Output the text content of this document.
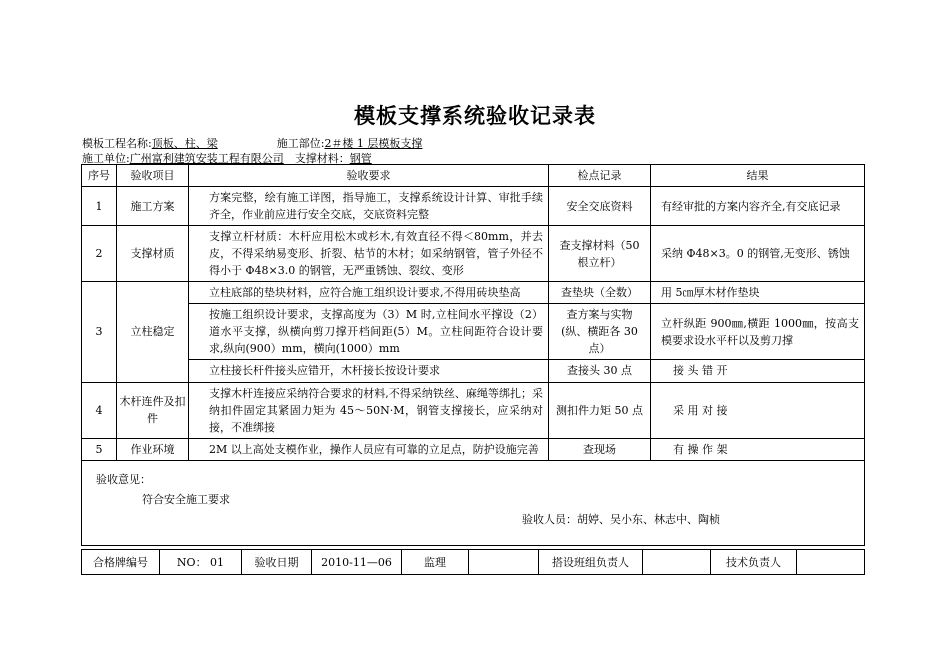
模板支撑系统验收记录表
模板工程名称:顶板、柱、梁	施工部位:2＃楼 1 层模板支撑
施工单位:广州富利建筑安装工程有限公司 支撑材料：钢管
序号	验收项目	验收要求	检点记录	结果
1	施工方案	方案完整，绘有施工详图，指导施工，支撑系统设计计算、审批手续齐全，作业前应进行安全交底，交底资料完整	安全交底资料	有经审批的方案内容齐全,有交底记录
2	支撑材质	支撑立杆材质：木杆应用松木或杉木,有效直径不得＜80mm，并去皮，不得采纳易变形、折裂、枯节的木材；如采纳钢管，管子外径不得小于 Φ48×3.0 的钢管，无严重锈蚀、裂纹、变形	查支撑材料（50 根立杆）	采纳 Φ48×3。0 的钢管,无变形、锈蚀
3	立柱稳定	立柱底部的垫块材料，应符合施工组织设计要求,不得用砖块垫高	查垫块（全数）	用 5㎝厚木材作垫块
		按施工组织设计要求，支撑高度为（3）M 时,立柱间水平撑设（2）道水平支撑，纵横向剪刀撑开档间距(5）M。立柱间距符合设计要求,纵向(900）mm，横向(1000）mm	查方案与实物(纵、横距各 30 点）	立杆纵距 900㎜,横距 1000㎜，按高支模要求设水平杆以及剪刀撑
		立柱接长杆件接头应错开，木杆接长按设计要求	查接头 30 点	接 头 错 开
4	木杆连件及扣件	支撑木杆连接应采纳符合要求的材料,不得采纳铁丝、麻绳等绑扎；采纳扣件固定其紧固力矩为 45～50N·M，钢管支撑接长，应采纳对接，不准绑接	测扣件力矩 50 点	采 用 对 接
5	作业环境	2M 以上高处支模作业，操作人员应有可靠的立足点，防护设施完善	查现场	有 操 作 架

验收意见：
符合安全施工要求
验收人员：胡婷、吴小东、林志中、陶桢				
合格牌编号	NO： 01	验收日期	2010-11—06	监理		搭设班组负责人		技术负责人	
